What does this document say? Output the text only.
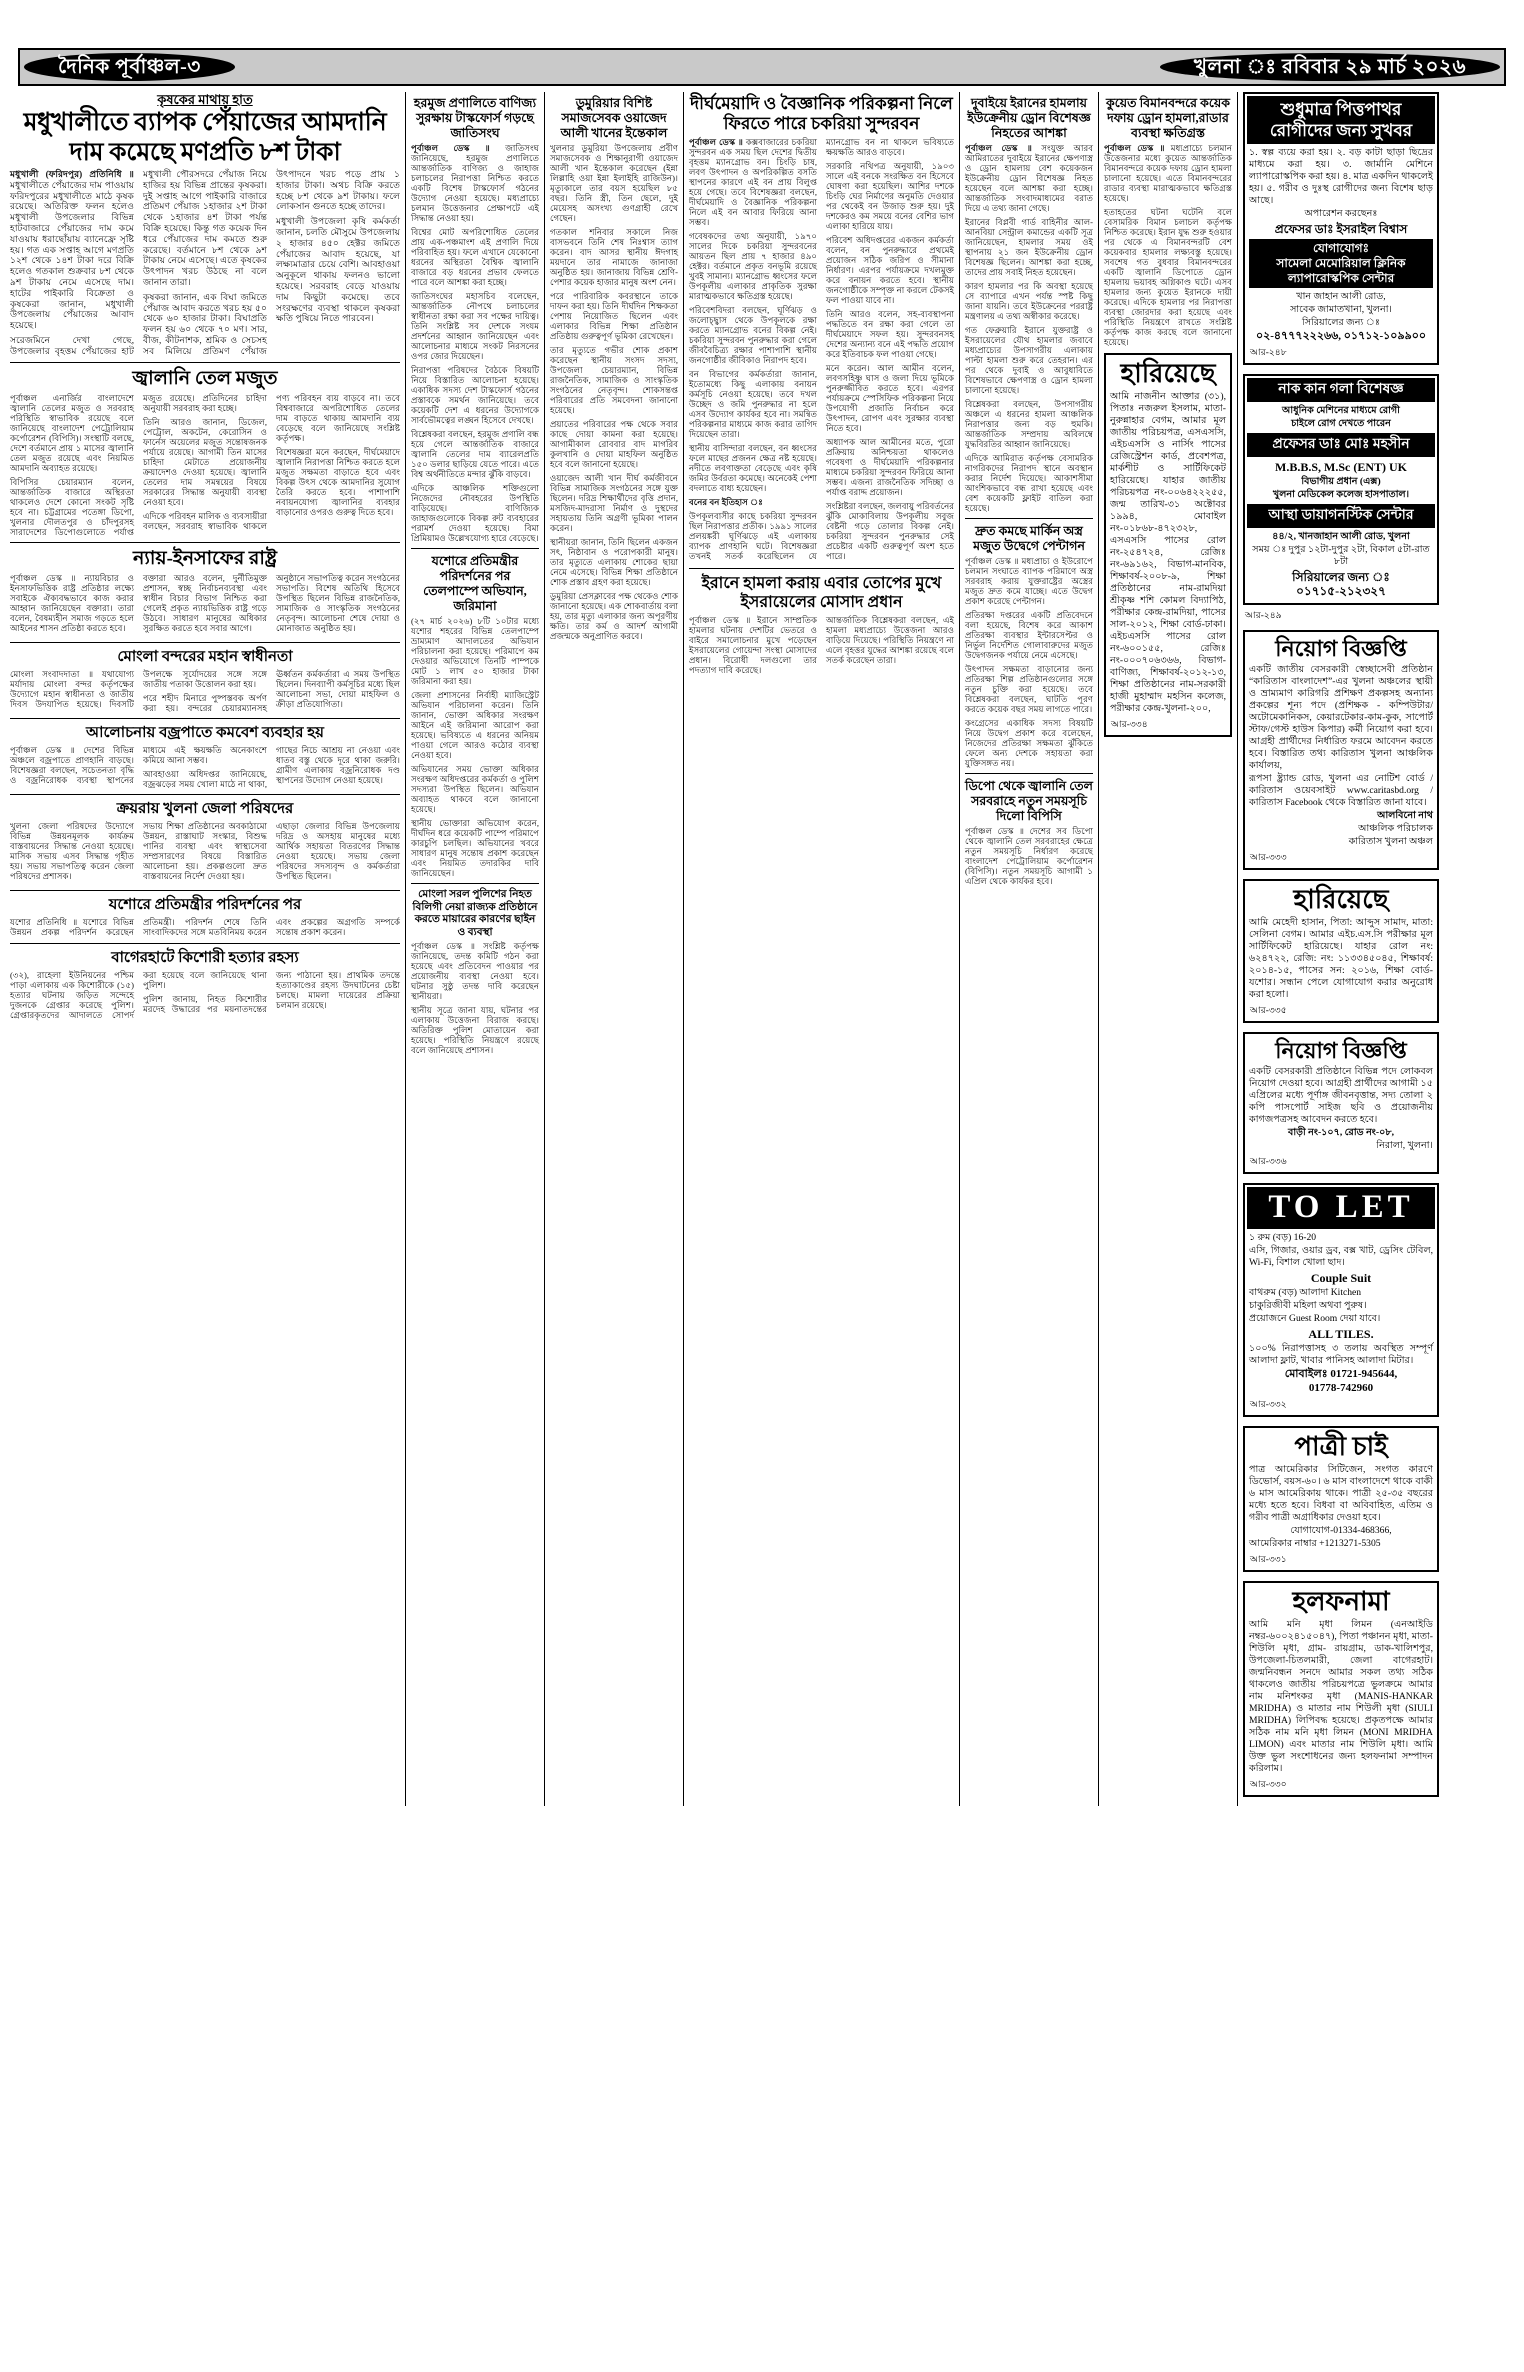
দৈনিক পূর্বাঞ্চল-৩	খুলনা ঃ রবিবার ২৯ মার্চ ২০২৬
কৃষকের মাথায় হাত
মধুখালীতে ব্যাপক পেঁয়াজের আমদানি
দাম কমেছে মণপ্রতি ৮শ টাকা

মধুখালী (ফরিদপুর) প্রতিনিধি ॥ মধুখালীতে পেঁয়াজের দাম পাওয়ায় ফরিদপুরের মধুখালীতে মাঠে কৃষক রয়েছে। অতিরিক্ত ফলন হলেও মধুখালী উপজেলার বিভিন্ন হাটবাজারে পেঁয়াজের দাম কমে যাওয়ায় ধরাছোঁয়ায় ব্যানেফ্রে সৃষ্টি হয়। গত এক সপ্তাহ আগে মণপ্রতি ১২শ থেকে ১৪শ টাকা দরে বিক্রি হলেও গতকাল শুক্রবার ৮শ থেকে ৯শ টাকায় নেমে এসেছে দাম। হাটের পাইকারি বিক্রেতা ও কৃষকেরা জানান, মধুখালী উপজেলায় পেঁয়াজের আবাদ হয়েছে।

সরেজমিনে দেখা গেছে, উপজেলার বৃহত্তম পেঁয়াজের হাট মধুখালী পৌরসদরে পেঁয়াজ নিয়ে হাজির হয় বিভিন্ন প্রান্তের কৃষকরা। দুই সপ্তাহ আগে পাইকারি বাজারে প্রতিমণ পেঁয়াজ ১হাজার ২শ টাকা থেকে ১হাজার ৪শ টাকা পর্যন্ত বিক্রি হয়েছে। কিন্তু গত কয়েক দিন ধরে পেঁয়াজের দাম কমতে শুরু করেছে। বর্তমানে ৮শ থেকে ৯শ টাকায় নেমে এসেছে। এতে কৃষকের উৎপাদন খরচ উঠছে না বলে জানান তারা।

কৃষকরা জানান, এক বিঘা জমিতে পেঁয়াজ আবাদ করতে খরচ হয় ৫০ থেকে ৬০ হাজার টাকা। বিঘাপ্রতি ফলন হয় ৬০ থেকে ৭০ মণ। সার, বীজ, কীটনাশক, শ্রমিক ও সেচসহ সব মিলিয়ে প্রতিমণ পেঁয়াজ উৎপাদনে খরচ পড়ে প্রায় ১ হাজার টাকা। অথচ বিক্রি করতে হচ্ছে ৮শ থেকে ৯শ টাকায়। ফলে লোকসান গুনতে হচ্ছে তাদের।

মধুখালী উপজেলা কৃষি কর্মকর্তা জানান, চলতি মৌসুমে উপজেলায় ২ হাজার ৪৫০ হেক্টর জমিতে পেঁয়াজের আবাদ হয়েছে, যা লক্ষ্যমাত্রার চেয়ে বেশি। আবহাওয়া অনুকূলে থাকায় ফলনও ভালো হয়েছে। সরবরাহ বেড়ে যাওয়ায় দাম কিছুটা কমেছে। তবে সংরক্ষণের ব্যবস্থা থাকলে কৃষকরা ক্ষতি পুষিয়ে নিতে পারবেন।

জ্বালানি তেল মজুত

পূর্বাঞ্চল এনার্জির বাংলাদেশে জ্বালানি তেলের মজুত ও সরবরাহ পরিস্থিতি স্বাভাবিক রয়েছে বলে জানিয়েছে বাংলাদেশ পেট্রোলিয়াম কর্পোরেশন (বিপিসি)। সংস্থাটি বলছে, দেশে বর্তমানে প্রায় ১ মাসের জ্বালানি তেল মজুত রয়েছে এবং নিয়মিত আমদানি অব্যাহত রয়েছে।

বিপিসির চেয়ারম্যান বলেন, আন্তর্জাতিক বাজারে অস্থিরতা থাকলেও দেশে কোনো সংকট সৃষ্টি হবে না। চট্টগ্রামের পতেঙ্গা ডিপো, খুলনার দৌলতপুর ও চাঁদপুরসহ সারাদেশের ডিপোগুলোতে পর্যাপ্ত মজুত রয়েছে। প্রতিদিনের চাহিদা অনুযায়ী সরবরাহ করা হচ্ছে।

তিনি আরও জানান, ডিজেল, পেট্রোল, অকটেন, কেরোসিন ও ফার্নেস অয়েলের মজুত সন্তোষজনক পর্যায়ে রয়েছে। আগামী তিন মাসের চাহিদা মেটাতে প্রয়োজনীয় ক্রয়াদেশও দেওয়া হয়েছে। জ্বালানি তেলের দাম সমন্বয়ের বিষয়ে সরকারের সিদ্ধান্ত অনুযায়ী ব্যবস্থা নেওয়া হবে।

এদিকে পরিবহন মালিক ও ব্যবসায়ীরা বলছেন, সরবরাহ স্বাভাবিক থাকলে পণ্য পরিবহন ব্যয় বাড়বে না। তবে বিশ্ববাজারে অপরিশোধিত তেলের দাম বাড়তে থাকায় আমদানি ব্যয় বেড়েছে বলে জানিয়েছে সংশ্লিষ্ট কর্তৃপক্ষ।

বিশেষজ্ঞরা মনে করছেন, দীর্ঘমেয়াদে জ্বালানি নিরাপত্তা নিশ্চিত করতে হলে মজুত সক্ষমতা বাড়াতে হবে এবং বিকল্প উৎস থেকে আমদানির সুযোগ তৈরি করতে হবে। পাশাপাশি নবায়নযোগ্য জ্বালানির ব্যবহার বাড়ানোর ওপরও গুরুত্ব দিতে হবে।

ন্যায়-ইনসাফের রাষ্ট্র

পূর্বাঞ্চল ডেস্ক ॥ ন্যায়বিচার ও ইনসাফভিত্তিক রাষ্ট্র প্রতিষ্ঠার লক্ষ্যে সবাইকে ঐক্যবদ্ধভাবে কাজ করার আহ্বান জানিয়েছেন বক্তারা। তারা বলেন, বৈষম্যহীন সমাজ গড়তে হলে আইনের শাসন প্রতিষ্ঠা করতে হবে।

বক্তারা আরও বলেন, দুর্নীতিমুক্ত প্রশাসন, স্বচ্ছ নির্বাচনব্যবস্থা এবং স্বাধীন বিচার বিভাগ নিশ্চিত করা গেলেই প্রকৃত ন্যায়ভিত্তিক রাষ্ট্র গড়ে উঠবে। সাধারণ মানুষের অধিকার সুরক্ষিত করতে হবে সবার আগে।

অনুষ্ঠানে সভাপতিত্ব করেন সংগঠনের সভাপতি। বিশেষ অতিথি হিসেবে উপস্থিত ছিলেন বিভিন্ন রাজনৈতিক, সামাজিক ও সাংস্কৃতিক সংগঠনের নেতৃবৃন্দ। আলোচনা শেষে দোয়া ও মোনাজাত অনুষ্ঠিত হয়।

মোংলা বন্দরের মহান স্বাধীনতা

মোংলা সংবাদদাতা ॥ যথাযোগ্য মর্যাদায় মোংলা বন্দর কর্তৃপক্ষের উদ্যোগে মহান স্বাধীনতা ও জাতীয় দিবস উদযাপিত হয়েছে। দিবসটি উপলক্ষে সূর্যোদয়ের সঙ্গে সঙ্গে জাতীয় পতাকা উত্তোলন করা হয়।

পরে শহীদ মিনারে পুষ্পস্তবক অর্পণ করা হয়। বন্দরের চেয়ারম্যানসহ ঊর্ধ্বতন কর্মকর্তারা এ সময় উপস্থিত ছিলেন। দিনব্যাপী কর্মসূচির মধ্যে ছিল আলোচনা সভা, দোয়া মাহফিল ও ক্রীড়া প্রতিযোগিতা।

আলোচনায় বজ্রপাতে কমবেশ ব্যবহার হয়

পূর্বাঞ্চল ডেস্ক ॥ দেশের বিভিন্ন অঞ্চলে বজ্রপাতে প্রাণহানি বাড়ছে। বিশেষজ্ঞরা বলছেন, সচেতনতা বৃদ্ধি ও বজ্রনিরোধক ব্যবস্থা স্থাপনের মাধ্যমে এই ক্ষয়ক্ষতি অনেকাংশে কমিয়ে আনা সম্ভব।

আবহাওয়া অধিদপ্তর জানিয়েছে, বজ্রঝড়ের সময় খোলা মাঠে না থাকা, গাছের নিচে আশ্রয় না নেওয়া এবং ধাতব বস্তু থেকে দূরে থাকা জরুরি। গ্রামীণ এলাকায় বজ্রনিরোধক দণ্ড স্থাপনের উদ্যোগ নেওয়া হয়েছে।

ক্রয়রায় খুলনা জেলা পরিষদের

খুলনা জেলা পরিষদের উদ্যোগে বিভিন্ন উন্নয়নমূলক কার্যক্রম বাস্তবায়নের সিদ্ধান্ত নেওয়া হয়েছে। মাসিক সভায় এসব সিদ্ধান্ত গৃহীত হয়। সভায় সভাপতিত্ব করেন জেলা পরিষদের প্রশাসক।

সভায় শিক্ষা প্রতিষ্ঠানের অবকাঠামো উন্নয়ন, রাস্তাঘাট সংস্কার, বিশুদ্ধ পানির ব্যবস্থা এবং স্বাস্থ্যসেবা সম্প্রসারণের বিষয়ে বিস্তারিত আলোচনা হয়। প্রকল্পগুলো দ্রুত বাস্তবায়নের নির্দেশ দেওয়া হয়।

এছাড়া জেলার বিভিন্ন উপজেলায় দরিদ্র ও অসহায় মানুষের মধ্যে আর্থিক সহায়তা বিতরণের সিদ্ধান্ত নেওয়া হয়েছে। সভায় জেলা পরিষদের সদস্যবৃন্দ ও কর্মকর্তারা উপস্থিত ছিলেন।

যশোরে প্রতিমন্ত্রীর পরিদর্শনের পর

যশোর প্রতিনিধি ॥ যশোরে বিভিন্ন উন্নয়ন প্রকল্প পরিদর্শন করেছেন প্রতিমন্ত্রী। পরিদর্শন শেষে তিনি সাংবাদিকদের সঙ্গে মতবিনিময় করেন এবং প্রকল্পের অগ্রগতি সম্পর্কে সন্তোষ প্রকাশ করেন।

বাগেরহাটে কিশোরী হত্যার রহস্য

(৩২), রাহেলা ইউনিয়নের পশ্চিম পাড়া এলাকায় এক কিশোরীকে (১৫) হত্যার ঘটনায় জড়িত সন্দেহে দুজনকে গ্রেপ্তার করেছে পুলিশ। গ্রেপ্তারকৃতদের আদালতে সোপর্দ করা হয়েছে বলে জানিয়েছে থানা পুলিশ।

পুলিশ জানায়, নিহত কিশোরীর মরদেহ উদ্ধারের পর ময়নাতদন্তের জন্য পাঠানো হয়। প্রাথমিক তদন্তে হত্যাকাণ্ডের রহস্য উদঘাটনের চেষ্টা চলছে। মামলা দায়েরের প্রক্রিয়া চলমান রয়েছে।

হরমুজ প্রণালিতে বাণিজ্য সুরক্ষায় টাস্কফোর্স গড়ছে জাতিসংঘ

পূর্বাঞ্চল ডেস্ক ॥ জাতিসংঘ জানিয়েছে, হরমুজ প্রণালিতে আন্তর্জাতিক বাণিজ্য ও জাহাজ চলাচলের নিরাপত্তা নিশ্চিত করতে একটি বিশেষ টাস্কফোর্স গঠনের উদ্যোগ নেওয়া হয়েছে। মধ্যপ্রাচ্যে চলমান উত্তেজনার প্রেক্ষাপটে এই সিদ্ধান্ত নেওয়া হয়।

বিশ্বের মোট অপরিশোধিত তেলের প্রায় এক-পঞ্চমাংশ এই প্রণালি দিয়ে পরিবাহিত হয়। ফলে এখানে যেকোনো ধরনের অস্থিরতা বৈশ্বিক জ্বালানি বাজারে বড় ধরনের প্রভাব ফেলতে পারে বলে আশঙ্কা করা হচ্ছে।

জাতিসংঘের মহাসচিব বলেছেন, আন্তর্জাতিক নৌপথে চলাচলের স্বাধীনতা রক্ষা করা সব পক্ষের দায়িত্ব। তিনি সংশ্লিষ্ট সব দেশকে সংযম প্রদর্শনের আহ্বান জানিয়েছেন এবং আলোচনার মাধ্যমে সংকট নিরসনের ওপর জোর দিয়েছেন।

নিরাপত্তা পরিষদের বৈঠকে বিষয়টি নিয়ে বিস্তারিত আলোচনা হয়েছে। একাধিক সদস্য দেশ টাস্কফোর্স গঠনের প্রস্তাবকে সমর্থন জানিয়েছে। তবে কয়েকটি দেশ এ ধরনের উদ্যোগকে সার্বভৌমত্বের লঙ্ঘন হিসেবে দেখছে।

বিশ্লেষকরা বলছেন, হরমুজ প্রণালি বন্ধ হয়ে গেলে আন্তর্জাতিক বাজারে জ্বালানি তেলের দাম ব্যারেলপ্রতি ১৫০ ডলার ছাড়িয়ে যেতে পারে। এতে বিশ্ব অর্থনীতিতে মন্দার ঝুঁকি বাড়বে।

এদিকে আঞ্চলিক শক্তিগুলো নিজেদের নৌবহরের উপস্থিতি বাড়িয়েছে। বাণিজ্যিক জাহাজগুলোকে বিকল্প রুট ব্যবহারের পরামর্শ দেওয়া হয়েছে। বিমা প্রিমিয়ামও উল্লেখযোগ্য হারে বেড়েছে।

যশোরে প্রতিমন্ত্রীর পরিদর্শনের পর তেলপাম্পে অভিযান, জরিমানা

(২৭ মার্চ ২০২৬) ৮টি ১০টার মধ্যে যশোর শহরের বিভিন্ন তেলপাম্পে ভ্রাম্যমাণ আদালতের অভিযান পরিচালনা করা হয়েছে। পরিমাপে কম দেওয়ার অভিযোগে তিনটি পাম্পকে মোট ১ লাখ ৫০ হাজার টাকা জরিমানা করা হয়।

জেলা প্রশাসনের নির্বাহী ম্যাজিস্ট্রেট অভিযান পরিচালনা করেন। তিনি জানান, ভোক্তা অধিকার সংরক্ষণ আইনে এই জরিমানা আরোপ করা হয়েছে। ভবিষ্যতে এ ধরনের অনিয়ম পাওয়া গেলে আরও কঠোর ব্যবস্থা নেওয়া হবে।

অভিযানের সময় ভোক্তা অধিকার সংরক্ষণ অধিদপ্তরের কর্মকর্তা ও পুলিশ সদস্যরা উপস্থিত ছিলেন। অভিযান অব্যাহত থাকবে বলে জানানো হয়েছে।

স্থানীয় ভোক্তারা অভিযোগ করেন, দীর্ঘদিন ধরে কয়েকটি পাম্পে পরিমাপে কারচুপি চলছিল। অভিযানের খবরে সাধারণ মানুষ সন্তোষ প্রকাশ করেছেন এবং নিয়মিত তদারকির দাবি জানিয়েছেন।

মোংলা সরল পুলিশের নিহত বিলিগী নেয়া রাজ্যক প্রতিষ্ঠানে করতে মায়ারের কারণের ছাইন ও ব্যবস্থা

পূর্বাঞ্চল ডেস্ক ॥ সংশ্লিষ্ট কর্তৃপক্ষ জানিয়েছে, তদন্ত কমিটি গঠন করা হয়েছে এবং প্রতিবেদন পাওয়ার পর প্রয়োজনীয় ব্যবস্থা নেওয়া হবে। ঘটনার সুষ্ঠু তদন্ত দাবি করেছেন স্থানীয়রা।

স্থানীয় সূত্রে জানা যায়, ঘটনার পর এলাকায় উত্তেজনা বিরাজ করছে। অতিরিক্ত পুলিশ মোতায়েন করা হয়েছে। পরিস্থিতি নিয়ন্ত্রণে রয়েছে বলে জানিয়েছে প্রশাসন।

ডুমুরিয়ার বিশিষ্ট সমাজসেবক ওয়াজেদ আলী খানের ইন্তেকাল

খুলনার ডুমুরিয়া উপজেলায় প্রবীণ সমাজসেবক ও শিক্ষানুরাগী ওয়াজেদ আলী খান ইন্তেকাল করেছেন (ইন্না লিল্লাহি ওয়া ইন্না ইলাইহি রাজিউন)। মৃত্যুকালে তার বয়স হয়েছিল ৮৫ বছর। তিনি স্ত্রী, তিন ছেলে, দুই মেয়েসহ অসংখ্য গুণগ্রাহী রেখে গেছেন।

গতকাল শনিবার সকালে নিজ বাসভবনে তিনি শেষ নিঃশ্বাস ত্যাগ করেন। বাদ আসর স্থানীয় ঈদগাহ ময়দানে তার নামাজে জানাজা অনুষ্ঠিত হয়। জানাজায় বিভিন্ন শ্রেণি-পেশার কয়েক হাজার মানুষ অংশ নেন।

পরে পারিবারিক কবরস্থানে তাকে দাফন করা হয়। তিনি দীর্ঘদিন শিক্ষকতা পেশায় নিয়োজিত ছিলেন এবং এলাকার বিভিন্ন শিক্ষা প্রতিষ্ঠান প্রতিষ্ঠায় গুরুত্বপূর্ণ ভূমিকা রেখেছেন।

তার মৃত্যুতে গভীর শোক প্রকাশ করেছেন স্থানীয় সংসদ সদস্য, উপজেলা চেয়ারম্যান, বিভিন্ন রাজনৈতিক, সামাজিক ও সাংস্কৃতিক সংগঠনের নেতৃবৃন্দ। শোকসন্তপ্ত পরিবারের প্রতি সমবেদনা জানানো হয়েছে।

প্রয়াতের পরিবারের পক্ষ থেকে সবার কাছে দোয়া কামনা করা হয়েছে। আগামীকাল রোববার বাদ মাগরিব কুলখানি ও দোয়া মাহফিল অনুষ্ঠিত হবে বলে জানানো হয়েছে।

ওয়াজেদ আলী খান দীর্ঘ কর্মজীবনে বিভিন্ন সামাজিক সংগঠনের সঙ্গে যুক্ত ছিলেন। দরিদ্র শিক্ষার্থীদের বৃত্তি প্রদান, মসজিদ-মাদরাসা নির্মাণ ও দুস্থদের সহায়তায় তিনি অগ্রণী ভূমিকা পালন করেন।

স্থানীয়রা জানান, তিনি ছিলেন একজন সৎ, নিষ্ঠাবান ও পরোপকারী মানুষ। তার মৃত্যুতে এলাকায় শোকের ছায়া নেমে এসেছে। বিভিন্ন শিক্ষা প্রতিষ্ঠানে শোক প্রস্তাব গ্রহণ করা হয়েছে।

ডুমুরিয়া প্রেসক্লাবের পক্ষ থেকেও শোক জানানো হয়েছে। এক শোকবার্তায় বলা হয়, তার মৃত্যু এলাকার জন্য অপূরণীয় ক্ষতি। তার কর্ম ও আদর্শ আগামী প্রজন্মকে অনুপ্রাণিত করবে।

দীর্ঘমেয়াদি ও বৈজ্ঞানিক পরিকল্পনা নিলে ফিরতে পারে চকরিয়া সুন্দরবন

পূর্বাঞ্চল ডেস্ক ॥ কক্সবাজারের চকরিয়া সুন্দরবন এক সময় ছিল দেশের দ্বিতীয় বৃহত্তম ম্যানগ্রোভ বন। চিংড়ি চাষ, লবণ উৎপাদন ও অপরিকল্পিত বসতি স্থাপনের কারণে এই বন প্রায় বিলুপ্ত হয়ে গেছে। তবে বিশেষজ্ঞরা বলছেন, দীর্ঘমেয়াদি ও বৈজ্ঞানিক পরিকল্পনা নিলে এই বন আবার ফিরিয়ে আনা সম্ভব।

গবেষকদের তথ্য অনুযায়ী, ১৯৭০ সালের দিকে চকরিয়া সুন্দরবনের আয়তন ছিল প্রায় ৭ হাজার ৪৯০ হেক্টর। বর্তমানে প্রকৃত বনভূমি রয়েছে খুবই সামান্য। ম্যানগ্রোভ ধ্বংসের ফলে উপকূলীয় এলাকার প্রাকৃতিক সুরক্ষা মারাত্মকভাবে ক্ষতিগ্রস্ত হয়েছে।

পরিবেশবিদরা বলছেন, ঘূর্ণিঝড় ও জলোচ্ছ্বাস থেকে উপকূলকে রক্ষা করতে ম্যানগ্রোভ বনের বিকল্প নেই। চকরিয়া সুন্দরবন পুনরুদ্ধার করা গেলে জীববৈচিত্র্য রক্ষার পাশাপাশি স্থানীয় জনগোষ্ঠীর জীবিকাও নিরাপদ হবে।

বন বিভাগের কর্মকর্তারা জানান, ইতোমধ্যে কিছু এলাকায় বনায়ন কর্মসূচি নেওয়া হয়েছে। তবে দখল উচ্ছেদ ও জমি পুনরুদ্ধার না হলে এসব উদ্যোগ কার্যকর হবে না। সমন্বিত পরিকল্পনার মাধ্যমে কাজ করার তাগিদ দিয়েছেন তারা।

স্থানীয় বাসিন্দারা বলছেন, বন ধ্বংসের ফলে মাছের প্রজনন ক্ষেত্র নষ্ট হয়েছে। নদীতে লবণাক্ততা বেড়েছে এবং কৃষি জমির উর্বরতা কমেছে। অনেকেই পেশা বদলাতে বাধ্য হয়েছেন।

বনের বন ইতিহাস ঃ

উপকূলবাসীর কাছে চকরিয়া সুন্দরবন ছিল নিরাপত্তার প্রতীক। ১৯৯১ সালের প্রলয়ঙ্করী ঘূর্ণিঝড়ে এই এলাকায় ব্যাপক প্রাণহানি ঘটে। বিশেষজ্ঞরা তখনই সতর্ক করেছিলেন যে ম্যানগ্রোভ বন না থাকলে ভবিষ্যতে ক্ষয়ক্ষতি আরও বাড়বে।

সরকারি নথিপত্র অনুযায়ী, ১৯০৩ সালে এই বনকে সংরক্ষিত বন হিসেবে ঘোষণা করা হয়েছিল। আশির দশকে চিংড়ি ঘের নির্মাণের অনুমতি দেওয়ার পর থেকেই বন উজাড় শুরু হয়। দুই দশকেরও কম সময়ে বনের বেশির ভাগ এলাকা হারিয়ে যায়।

পরিবেশ অধিদপ্তরের একজন কর্মকর্তা বলেন, বন পুনরুদ্ধারে প্রথমেই প্রয়োজন সঠিক জরিপ ও সীমানা নির্ধারণ। এরপর পর্যায়ক্রমে দখলমুক্ত করে বনায়ন করতে হবে। স্থানীয় জনগোষ্ঠীকে সম্পৃক্ত না করলে টেকসই ফল পাওয়া যাবে না।

তিনি আরও বলেন, সহ-ব্যবস্থাপনা পদ্ধতিতে বন রক্ষা করা গেলে তা দীর্ঘমেয়াদে সফল হয়। সুন্দরবনসহ দেশের অন্যান্য বনে এই পদ্ধতি প্রয়োগ করে ইতিবাচক ফল পাওয়া গেছে।

মনে করেন। আল আমীন বলেন, লবণসহিষ্ণু ঘাস ও জলা দিয়ে ভূমিকে পুনরুজ্জীবিত করতে হবে। এরপর পর্যায়ক্রমে স্পেসিফিক পরিকল্পনা নিয়ে উপযোগী প্রজাতি নির্বাচন করে উৎপাদন, রোপণ এবং সুরক্ষার ব্যবস্থা নিতে হবে।

অধ্যাপক আল আমীনের মতে, পুরো প্রক্রিয়ায় অনিশ্চয়তা থাকলেও গবেষণা ও দীর্ঘমেয়াদি পরিকল্পনার মাধ্যমে চকরিয়া সুন্দরবন ফিরিয়ে আনা সম্ভব। এজন্য রাজনৈতিক সদিচ্ছা ও পর্যাপ্ত বরাদ্দ প্রয়োজন।

সংশ্লিষ্টরা বলছেন, জলবায়ু পরিবর্তনের ঝুঁকি মোকাবিলায় উপকূলীয় সবুজ বেষ্টনী গড়ে তোলার বিকল্প নেই। চকরিয়া সুন্দরবন পুনরুদ্ধার সেই প্রচেষ্টার একটি গুরুত্বপূর্ণ অংশ হতে পারে।

ইরানে হামলা করায় এবার তোপের মুখে ইসরায়েলের মোসাদ প্রধান

পূর্বাঞ্চল ডেস্ক ॥ ইরানে সাম্প্রতিক হামলার ঘটনায় দেশটির ভেতরে ও বাইরে সমালোচনার মুখে পড়েছেন ইসরায়েলের গোয়েন্দা সংস্থা মোসাদের প্রধান। বিরোধী দলগুলো তার পদত্যাগ দাবি করেছে।

আন্তর্জাতিক বিশ্লেষকরা বলছেন, এই হামলা মধ্যপ্রাচ্যে উত্তেজনা আরও বাড়িয়ে দিয়েছে। পরিস্থিতি নিয়ন্ত্রণে না এলে বৃহত্তর যুদ্ধের আশঙ্কা রয়েছে বলে সতর্ক করেছেন তারা।

দুবাইয়ে ইরানের হামলায় ইউক্রেনীয় ড্রোন বিশেষজ্ঞ নিহতের আশঙ্কা

পূর্বাঞ্চল ডেস্ক ॥ সংযুক্ত আরব আমিরাতের দুবাইয়ে ইরানের ক্ষেপণাস্ত্র ও ড্রোন হামলায় বেশ কয়েকজন ইউক্রেনীয় ড্রোন বিশেষজ্ঞ নিহত হয়েছেন বলে আশঙ্কা করা হচ্ছে। আন্তর্জাতিক সংবাদমাধ্যমের বরাত দিয়ে এ তথ্য জানা গেছে।

ইরানের বিপ্লবী গার্ড বাহিনীর আল-আনবিয়া সেন্ট্রাল কমান্ডের একটি সূত্র জানিয়েছেন, হামলার সময় ওই স্থাপনায় ২১ জন ইউক্রেনীয় ড্রোন বিশেষজ্ঞ ছিলেন। আশঙ্কা করা হচ্ছে, তাদের প্রায় সবাই নিহত হয়েছেন।

কারণ হামলার পর কি অবস্থা হয়েছে সে ব্যাপারে এখন পর্যন্ত স্পষ্ট কিছু জানা যায়নি। তবে ইউক্রেনের পররাষ্ট্র মন্ত্রণালয় এ তথ্য অস্বীকার করেছে।

গত ফেব্রুয়ারি ইরানে যুক্তরাষ্ট্র ও ইসরায়েলের যৌথ হামলার জবাবে মধ্যপ্রাচ্যের উপসাগরীয় এলাকায় পাল্টা হামলা শুরু করে তেহরান। এর পর থেকে দুবাই ও আবুধাবিতে বিশেষভাবে ক্ষেপণাস্ত্র ও ড্রোন হামলা চালানো হয়েছে।

বিশ্লেষকরা বলছেন, উপসাগরীয় অঞ্চলে এ ধরনের হামলা আঞ্চলিক নিরাপত্তার জন্য বড় হুমকি। আন্তর্জাতিক সম্প্রদায় অবিলম্বে যুদ্ধবিরতির আহ্বান জানিয়েছে।

এদিকে আমিরাত কর্তৃপক্ষ বেসামরিক নাগরিকদের নিরাপদ স্থানে অবস্থান করার নির্দেশ দিয়েছে। আকাশসীমা আংশিকভাবে বন্ধ রাখা হয়েছে এবং বেশ কয়েকটি ফ্লাইট বাতিল করা হয়েছে।

দ্রুত কমছে মার্কিন অস্ত্র মজুত উদ্বেগে পেন্টাগন

পূর্বাঞ্চল ডেস্ক ॥ মধ্যপ্রাচ্য ও ইউরোপে চলমান সংঘাতে ব্যাপক পরিমাণে অস্ত্র সরবরাহ করায় যুক্তরাষ্ট্রের অস্ত্রের মজুত দ্রুত কমে যাচ্ছে। এতে উদ্বেগ প্রকাশ করেছে পেন্টাগন।

প্রতিরক্ষা দপ্তরের একটি প্রতিবেদনে বলা হয়েছে, বিশেষ করে আকাশ প্রতিরক্ষা ব্যবস্থার ইন্টারসেপ্টর ও নির্ভুল নির্দেশিত গোলাবারুদের মজুত উদ্বেগজনক পর্যায়ে নেমে এসেছে।

উৎপাদন সক্ষমতা বাড়ানোর জন্য প্রতিরক্ষা শিল্প প্রতিষ্ঠানগুলোর সঙ্গে নতুন চুক্তি করা হয়েছে। তবে বিশ্লেষকরা বলছেন, ঘাটতি পূরণ করতে কয়েক বছর সময় লাগতে পারে।

কংগ্রেসের একাধিক সদস্য বিষয়টি নিয়ে উদ্বেগ প্রকাশ করে বলেছেন, নিজেদের প্রতিরক্ষা সক্ষমতা ঝুঁকিতে ফেলে অন্য দেশকে সহায়তা করা যুক্তিসঙ্গত নয়।

ডিপো থেকে জ্বালানি তেল সরবরাহে নতুন সময়সূচি দিলো বিপিসি

পূর্বাঞ্চল ডেস্ক ॥ দেশের সব ডিপো থেকে জ্বালানি তেল সরবরাহের ক্ষেত্রে নতুন সময়সূচি নির্ধারণ করেছে বাংলাদেশ পেট্রোলিয়াম কর্পোরেশন (বিপিসি)। নতুন সময়সূচি আগামী ১ এপ্রিল থেকে কার্যকর হবে।

কুয়েত বিমানবন্দরে কয়েক দফায় ড্রোন হামলা,রাডার ব্যবস্থা ক্ষতিগ্রস্ত

পূর্বাঞ্চল ডেস্ক ॥ মধ্যপ্রাচ্যে চলমান উত্তেজনার মধ্যে কুয়েত আন্তর্জাতিক বিমানবন্দরে কয়েক দফায় ড্রোন হামলা চালানো হয়েছে। এতে বিমানবন্দরের রাডার ব্যবস্থা মারাত্মকভাবে ক্ষতিগ্রস্ত হয়েছে।

হতাহতের ঘটনা ঘটেনি বলে বেসামরিক বিমান চলাচল কর্তৃপক্ষ নিশ্চিত করেছে। ইরান যুদ্ধ শুরু হওয়ার পর থেকে এ বিমানবন্দরটি বেশ কয়েকবার হামলার লক্ষ্যবস্তু হয়েছে। সবশেষ গত বুধবার বিমানবন্দরের একটি জ্বালানি ডিপোতে ড্রোন হামলায় ভয়াবহ অগ্নিকাণ্ড ঘটে। এসব হামলার জন্য কুয়েত ইরানকে দায়ী করেছে। এদিকে হামলার পর নিরাপত্তা ব্যবস্থা জোরদার করা হয়েছে এবং পরিস্থিতি নিয়ন্ত্রণে রাখতে সংশ্লিষ্ট কর্তৃপক্ষ কাজ করছে বলে জানানো হয়েছে।

হারিয়েছে
আমি নাজনীন আক্তার (৩১), পিতাঃ নজরুল ইসলাম, মাতা-নুরুন্নাহার বেগম, আমার মূল জাতীয় পরিচয়পত্র, এসএসসি, এইচএসসি ও নার্সিং পাসের রেজিস্ট্রেশন কার্ড, প্রবেশপত্র, মার্কশীট ও সার্টিফিকেট হারিয়েছে। যাহার জাতীয় পরিচয়পত্র নং-০০৬৪২২২৫৫, জন্ম তারিখ-৩১ অক্টোবর ১৯৯৪, মোবাইল নং-০১৮৬৮-৪৭২৩২৮, এসএসসি পাসের রোল নং-২৫৪৭২৪, রেজিঃ নং-৬৯১৬২, বিভাগ-মানবিক, শিক্ষাবর্ষ-২০০৮-৯, শিক্ষা প্রতিষ্ঠানের নাম-রামদিয়া শ্রীকৃষ্ণ শশি কোমল বিদ্যাপিঠ, পরীক্ষার কেন্দ্র-রামদিয়া, পাসের সাল-২০১২, শিক্ষা বোর্ড-ঢাকা। এইচএসসি পাসের রোল নং-৬০০১৫৫, রেজিঃ নং-০০০৭০৬৩৬৬, বিভাগ-বাণিজ্য, শিক্ষাবর্ষ-২০১২-১৩, শিক্ষা প্রতিষ্ঠানের নাম-সরকারী হাজী মুহাম্মাদ মহসিন কলেজ, পরীক্ষার কেন্দ্র-খুলনা-২০০,
আর-৩৩৪
শুধুমাত্র পিত্তপাথর
রোগীদের জন্য সুখবর
১. স্বল্প ব্যয়ে করা হয়। ২. বড় কাটা ছাড়া ছিদ্রের মাধ্যমে করা হয়। ৩. জার্মানি মেশিনে ল্যাপারোস্কপিক করা হয়। ৪. মাত্র একদিন থাকলেই হয়। ৫. গরীব ও দুঃস্থ রোগীদের জন্য বিশেষ ছাড় আছে।
অপারেশন করছেনঃ
প্রফেসর ডাঃ ইসরাইল বিশ্বাস
যোগাযোগঃ
সামেলা মেমোরিয়াল ক্লিনিক
ল্যাপারোস্কপিক সেন্টার
খান জাহান আলী রোড,
সাবেক জামাতখানা, খুলনা।
সিরিয়ালের জন্য ঃ
০২-৪৭৭৭২২২৬৬, ০১৭১২-১০৯৯০০
আর-২৪৮
নাক কান গলা বিশেষজ্ঞ
আধুনিক মেশিনের মাধ্যমে রোগী
চাইলে রোগ দেখতে পারেন
প্রফেসর ডাঃ মোঃ মহসীন
M.B.B.S, M.Sc (ENT) UK
বিভাগীয় প্রধান (এক্স)
খুলনা মেডিকেল কলেজ হাসপাতাল।
আস্থা ডায়াগনস্টিক সেন্টার
৪৪/২, খানজাহান আলী রোড, খুলনা
সময় ঃ দুপুর ১২টা-দুপুর ২টা, বিকাল ৫টা-রাত ৮টা
সিরিয়ালের জন্য ঃ ০১৭১৫-২১২৩২৭
আর-২৪৯
নিয়োগ বিজ্ঞপ্তি
একটি জাতীয় বেসরকারী স্বেচ্ছাসেবী প্রতিষ্ঠান “কারিতাস বাংলাদেশ”-এর খুলনা অঞ্চলের স্থায়ী ও ভ্রাম্যমাণ কারিগরি প্রশিক্ষণ প্রকল্পসহ অন্যান্য প্রকল্পের শূন্য পদে (প্রশিক্ষক - কম্পিউটার/অটোমেকানিকস, কেয়ারটেকার-কাম-কুক, সাপোর্ট স্টাফ/গেস্ট হাউস কিপার) কর্মী নিয়োগ করা হবে। আগ্রহী প্রার্থীদের নির্ধারিত ফরমে আবেদন করতে হবে। বিস্তারিত তথ্য কারিতাস খুলনা আঞ্চলিক কার্যালয়,
রূপসা ষ্ট্র্যান্ড রোড, খুলনা এর নোটিশ বোর্ড / কারিতাস ওয়েবসাইট www.caritasbd.org / কারিতাস Facebook থেকে বিস্তারিত জানা যাবে।
আলবিনো নাথ
আঞ্চলিক পরিচালক
কারিতাস খুলনা অঞ্চল
আর-৩৩৩
হারিয়েছে
আমি মেহেদী হাসান, পিতা: আব্দুস সামাদ, মাতা: সেলিনা বেগম। আমার এইচ.এস.সি পরীক্ষার মূল সার্টিফিকেট হারিয়েছে। যাহার রোল নং: ৬২৪৭২২, রেজি: নং: ১১৩৩৪৫০৪৫, শিক্ষাবর্ষ: ২০১৪-১৫, পাসের সন: ২০১৬, শিক্ষা বোর্ড-যশোর। সন্ধান পেলে যোগাযোগ করার অনুরোধ করা হলো।
আর-৩৩৫
নিয়োগ বিজ্ঞপ্তি
একটি বেসরকারী প্রতিষ্ঠানে বিভিন্ন পদে লোকবল নিয়োগ দেওয়া হবে। আগ্রহী প্রার্থীদের আগামী ১৫ এপ্রিলের মধ্যে পূর্ণাঙ্গ জীবনবৃত্তান্ত, সদ্য তোলা ২ কপি পাসপোর্ট সাইজ ছবি ও প্রয়োজনীয় কাগজপত্রসহ আবেদন করতে হবে।
বাড়ী নং-১০৭, রোড নং-০৮,
নিরালা, খুলনা।
আর-৩৩৬
TO LET
১ রুম (বড়) 16-20
এসি, গিজার, ওয়ার ড্রব, বক্স খাট, ড্রেসিং টেবিল, Wi-Fi, বিশাল খোলা ছাদ।
Couple Suit
বাথরুম (বড়) আলাদা Kitchen
চাকুরিজীবী মহিলা অথবা পুরুষ।
প্রয়োজনে Guest Room দেয়া যাবে।
ALL TILES.
১০০% নিরাপত্তাসহ ৩ তলায় অবস্থিত সম্পূর্ণ আলাদা ফ্লাট, খাবার পানিসহ আলাদা মিটার।
মোবাইলঃ 01721-945644,
01778-742960
আর-৩৩২
পাত্রী চাই
পাত্র আমেরিকার সিটিজেন, সংগত কারণে ডিভোর্স, বয়স-৬০। ৬ মাস বাংলাদেশে থাকে বাকী ৬ মাস আমেরিকায় থাকে। পাত্রী ২৫-৩৫ বছরের মধ্যে হতে হবে। বিধবা বা অবিবাহিত, এতিম ও গরীব পাত্রী অগ্রাধিকার দেওয়া হবে।
যোগাযোগ-01334-468366,
আমেরিকার নাম্বার +1213271-5305
আর-৩৩১
হলফনামা
আমি মনি মৃধা লিমন (এনআইডি নম্বর-৬০০২৪১৫০৪৭), পিতা পঞ্চানন মৃধা, মাতা-শিউলি মৃধা, গ্রাম- রায়গ্রাম, ডাক-খালিশপুর, উপজেলা-চিতলমারী, জেলা বাগেরহাট। জন্মনিবন্ধন সনদে আমার সকল তথ্য সঠিক থাকলেও জাতীয় পরিচয়পত্রে ভুলক্রমে আমার নাম মনিশংকর মৃধা (MANIS-HANKAR MRIDHA) ও মাতার নাম শিউলী মৃধা (SIULI MRIDHA) লিপিবদ্ধ হয়েছে। প্রকৃতপক্ষে আমার সঠিক নাম মনি মৃধা লিমন (MONI MRIDHA LIMON) এবং মাতার নাম শিউলি মৃধা। আমি উক্ত ভুল সংশোধনের জন্য হলফনামা সম্পাদন করিলাম।
আর-৩৩০
